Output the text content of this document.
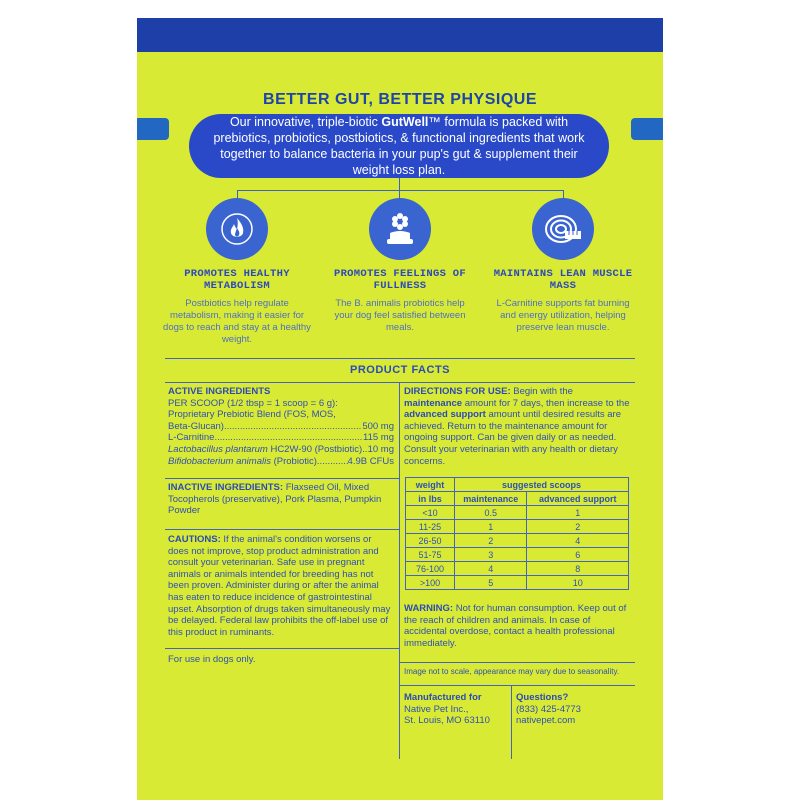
BETTER GUT, BETTER PHYSIQUE
Our innovative, triple-biotic GutWell™ formula is packed with prebiotics, probiotics, postbiotics, & functional ingredients that work together to balance bacteria in your pup's gut & supplement their weight loss plan.
PROMOTES HEALTHY METABOLISM
Postbiotics help regulate metabolism, making it easier for dogs to reach and stay at a healthy weight.
PROMOTES FEELINGS OF FULLNESS
The B. animalis probiotics help your dog feel satisfied between meals.
MAINTAINS LEAN MUSCLE MASS
L-Carnitine supports fat burning and energy utilization, helping preserve lean muscle.
PRODUCT FACTS
ACTIVE INGREDIENTS
PER SCOOP (1/2 tbsp = 1 scoop = 6 g):
Proprietary Prebiotic Blend (FOS, MOS,
Beta-Glucan) .....	500 mg
L-Carnitine .....	115 mg
Lactobacillus plantarum HC2W-90 (Postbiotic) ..... 10 mg
Bifidobacterium animalis (Probiotic) .....	4.9B CFUs
INACTIVE INGREDIENTS: Flaxseed Oil, Mixed Tocopherols (preservative), Pork Plasma, Pumpkin Powder
CAUTIONS: If the animal's condition worsens or does not improve, stop product administration and consult your veterinarian. Safe use in pregnant animals or animals intended for breeding has not been proven. Administer during or after the animal has eaten to reduce incidence of gastrointestinal upset. Absorption of drugs taken simultaneously may be delayed. Federal law prohibits the off-label use of this product in ruminants.
For use in dogs only.
DIRECTIONS FOR USE: Begin with the maintenance amount for 7 days, then increase to the advanced support amount until desired results are achieved. Return to the maintenance amount for ongoing support. Can be given daily or as needed. Consult your veterinarian with any health or dietary concerns.
weight	suggested scoops	
in lbs	maintenance	advanced support
<10	0.5	1
11-25	1	2
26-50	2	4
51-75	3	6
76-100	4	8
>100	5	10
WARNING: Not for human consumption. Keep out of the reach of children and animals. In case of accidental overdose, contact a health professional immediately.
Image not to scale, appearance may vary due to seasonality.
Manufactured for
Native Pet Inc.,
St. Louis, MO 63110
Questions?
(833) 425-4773
nativepet.com
